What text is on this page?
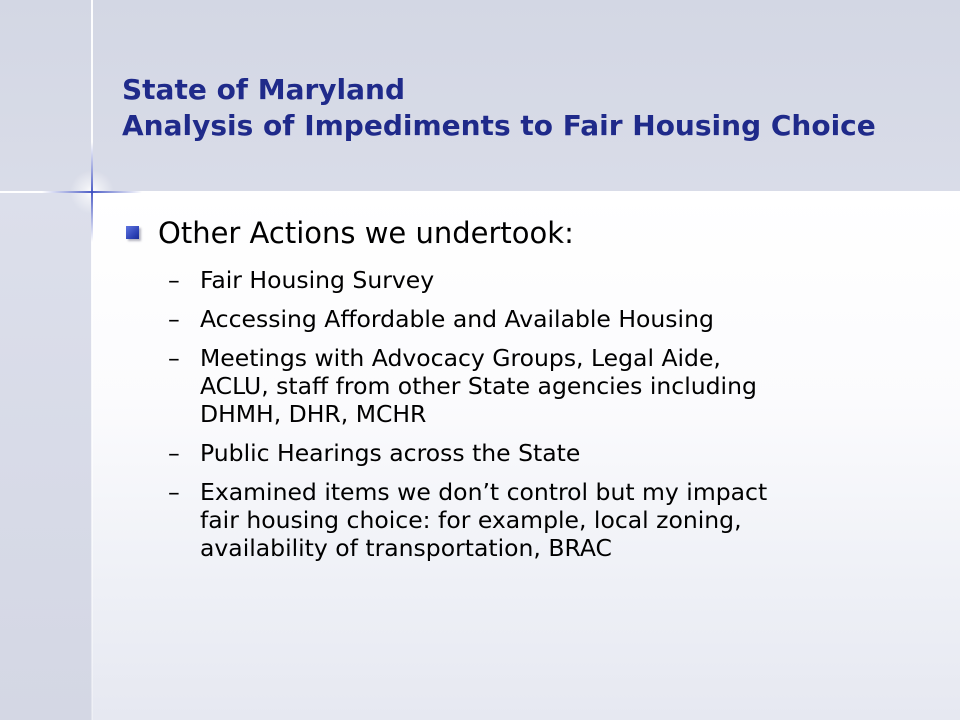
State of Maryland
Analysis of Impediments to Fair Housing Choice
Other Actions we undertook:
– Fair Housing Survey
– Accessing Affordable and Available Housing
– Meetings with Advocacy Groups, Legal Aide,
ACLU, staff from other State agencies including
DHMH, DHR, MCHR
– Public Hearings across the State
– Examined items we don’t control but my impact
fair housing choice: for example, local zoning,
availability of transportation, BRAC
